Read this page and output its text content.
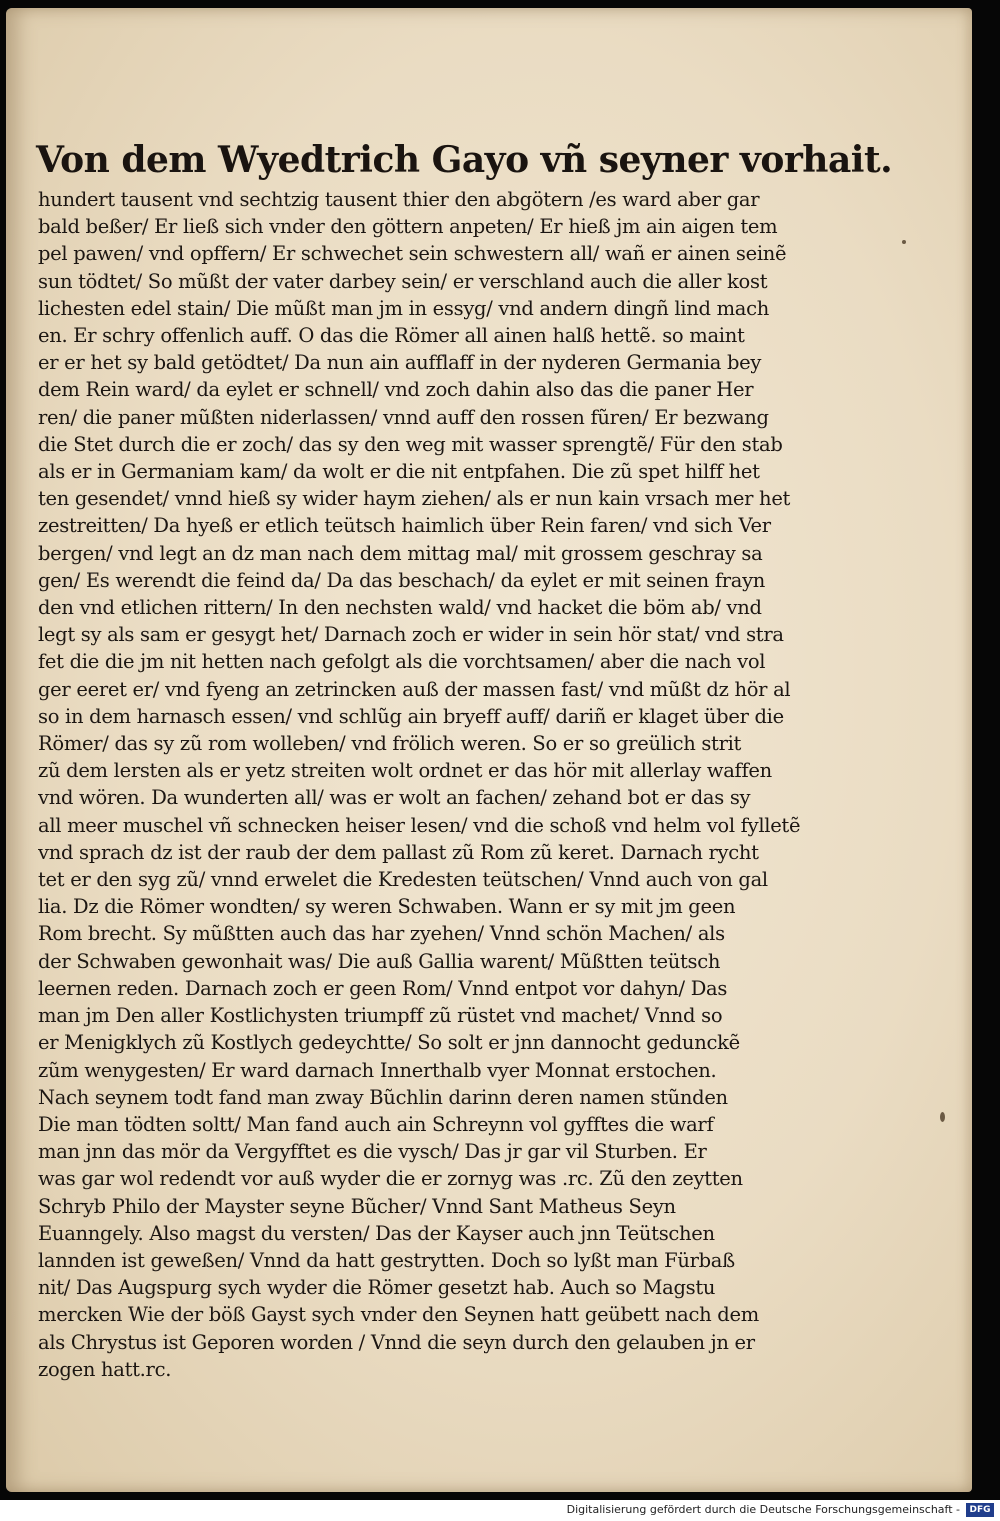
Von dem Wyedtrich Gayo vñ seyner vorhait.
hundert tausent vnd sechtzig tausent thier den abgötern /es ward aber gar
bald beßer/ Er ließ sich vnder den göttern anpeten/ Er hieß jm ain aigen tem
pel pawen/ vnd opffern/ Er schwechet sein schwestern all/ wañ er ainen seinẽ
sun tödtet/ So mũßt der vater darbey sein/ er verschland auch die aller kost
lichesten edel stain/ Die mũßt man jm in essyg/ vnd andern dingñ lind mach
en. Er schry offenlich auff. O das die Römer all ainen halß hettẽ. so maint
er er het sy bald getödtet/ Da nun ain aufflaff in der nyderen Germania bey
dem Rein ward/ da eylet er schnell/ vnd zoch dahin also das die paner Her
ren/ die paner mũßten niderlassen/ vnnd auff den rossen fũren/ Er bezwang
die Stet durch die er zoch/ das sy den weg mit wasser sprengtẽ/ Für den stab
als er in Germaniam kam/ da wolt er die nit entpfahen. Die zũ spet hilff het
ten gesendet/ vnnd hieß sy wider haym ziehen/ als er nun kain vrsach mer het
zestreitten/ Da hyeß er etlich teütsch haimlich über Rein faren/ vnd sich Ver
bergen/ vnd legt an dz man nach dem mittag mal/ mit grossem geschray sa
gen/ Es werendt die feind da/ Da das beschach/ da eylet er mit seinen frayn
den vnd etlichen rittern/ In den nechsten wald/ vnd hacket die böm ab/ vnd
legt sy als sam er gesygt het/ Darnach zoch er wider in sein hör stat/ vnd stra
fet die die jm nit hetten nach gefolgt als die vorchtsamen/ aber die nach vol
ger eeret er/ vnd fyeng an zetrincken auß der massen fast/ vnd mũßt dz hör al
so in dem harnasch essen/ vnd schlũg ain bryeff auff/ dariñ er klaget über die
Römer/ das sy zũ rom wolleben/ vnd frölich weren. So er so greülich strit
zũ dem lersten als er yetz streiten wolt ordnet er das hör mit allerlay waffen
vnd wören. Da wunderten all/ was er wolt an fachen/ zehand bot er das sy
all meer muschel vñ schnecken heiser lesen/ vnd die schoß vnd helm vol fylletẽ
vnd sprach dz ist der raub der dem pallast zũ Rom zũ keret. Darnach rycht
tet er den syg zũ/ vnnd erwelet die Kredesten teütschen/ Vnnd auch von gal
lia. Dz die Römer wondten/ sy weren Schwaben. Wann er sy mit jm geen
Rom brecht. Sy mũßtten auch das har zyehen/ Vnnd schön Machen/ als
der Schwaben gewonhait was/ Die auß Gallia warent/ Mũßtten teütsch
leernen reden. Darnach zoch er geen Rom/ Vnnd entpot vor dahyn/ Das
man jm Den aller Kostlichysten triumpff zũ rüstet vnd machet/ Vnnd so
er Menigklych zũ Kostlych gedeychtte/ So solt er jnn dannocht gedunckẽ
zũm wenygesten/ Er ward darnach Innerthalb vyer Monnat erstochen.
Nach seynem todt fand man zway Bũchlin darinn deren namen stũnden
Die man tödten soltt/ Man fand auch ain Schreynn vol gyfftes die warf
man jnn das mör da Vergyfftet es die vysch/ Das jr gar vil Sturben. Er
was gar wol redendt vor auß wyder die er zornyg was .rc. Zũ den zeytten
Schryb Philo der Mayster seyne Bũcher/ Vnnd Sant Matheus Seyn
Euanngely. Also magst du versten/ Das der Kayser auch jnn Teütschen
lannden ist geweßen/ Vnnd da hatt gestrytten. Doch so lyßt man Fürbaß
nit/ Das Augspurg sych wyder die Römer gesetzt hab. Auch so Magstu
mercken Wie der böß Gayst sych vnder den Seynen hatt geübett nach dem
als Chrystus ist Geporen worden / Vnnd die seyn durch den gelauben jn er
zogen hatt.rc.
Digitalisierung gefördert durch die Deutsche Forschungsgemeinschaft -	DFG
